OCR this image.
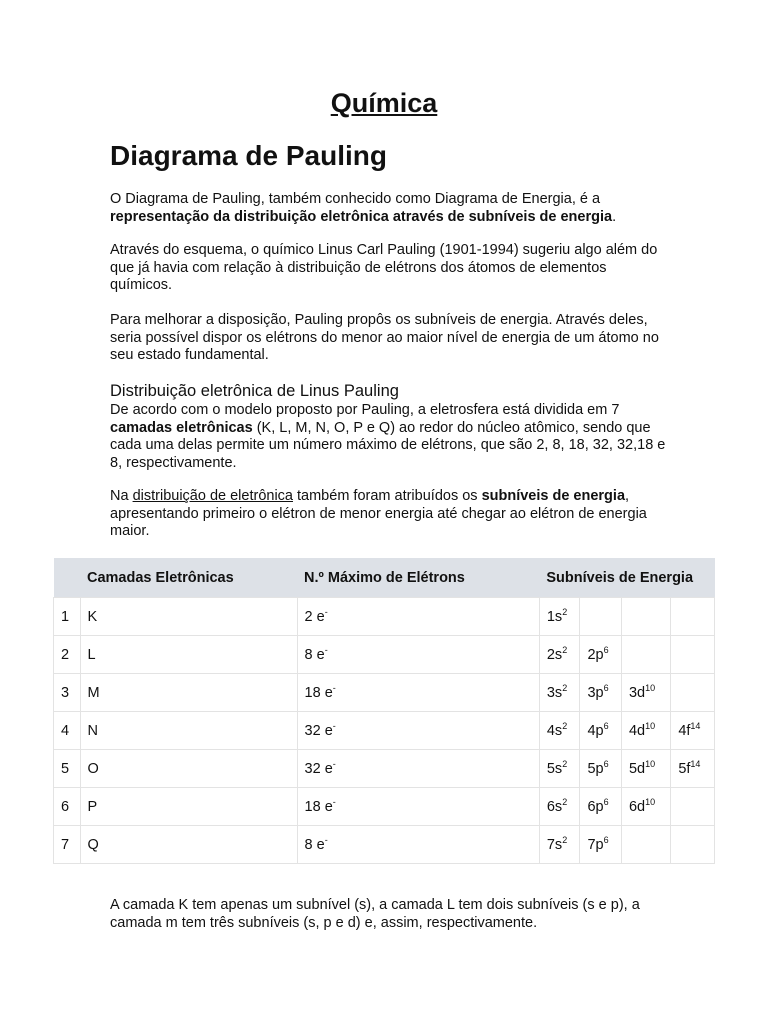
Química
Diagrama de Pauling

O Diagrama de Pauling, também conhecido como Diagrama de Energia, é a representação da distribuição eletrônica através de subníveis de energia.

Através do esquema, o químico Linus Carl Pauling (1901-1994) sugeriu algo além do que já havia com relação à distribuição de elétrons dos átomos de elementos químicos.

Para melhorar a disposição, Pauling propôs os subníveis de energia. Através deles, seria possível dispor os elétrons do menor ao maior nível de energia de um átomo no seu estado fundamental.

Distribuição eletrônica de Linus Pauling

De acordo com o modelo proposto por Pauling, a eletrosfera está dividida em 7 camadas eletrônicas (K, L, M, N, O, P e Q) ao redor do núcleo atômico, sendo que cada uma delas permite um número máximo de elétrons, que são 2, 8, 18, 32, 32,18 e 8, respectivamente.

Na distribuição de eletrônica também foram atribuídos os subníveis de energia, apresentando primeiro o elétron de menor energia até chegar ao elétron de energia maior.

	Camadas Eletrônicas	N.º Máximo de Elétrons	Subníveis de Energia			
1	K	2 e-	$1s^2$			
2	L	8 e-	$2s^2$	$2p^6$		
3	M	18 e-	$3s^2$	$3p^6$	$3d^{10}$	
4	N	32 e-	$4s^2$	$4p^6$	$4d^{10}$	$4f^{14}$
5	O	32 e-	$5s^2$	$5p^6$	$5d^{10}$	$5f^{14}$
6	P	18 e-	$6s^2$	$6p^6$	$6d^{10}$	
7	Q	8 e-	$7s^2$	$7p^6$		

A camada K tem apenas um subnível (s), a camada L tem dois subníveis (s e p), a camada m tem três subníveis (s, p e d) e, assim, respectivamente.
